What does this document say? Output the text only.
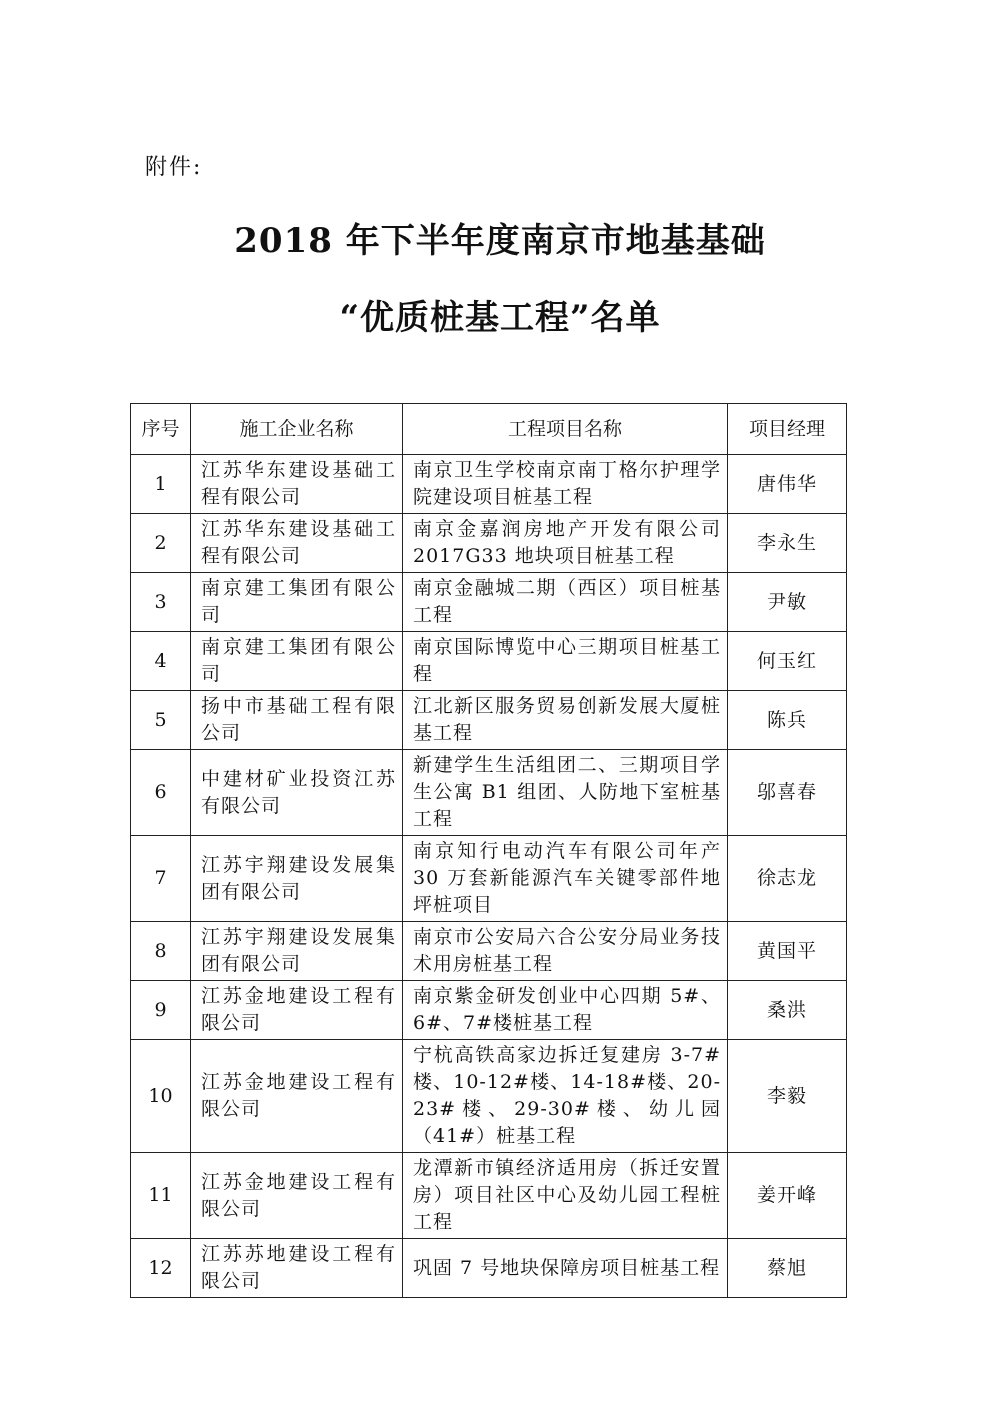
附件:
2018 年下半年度南京市地基基础
“优质桩基工程”名单
序号	施工企业名称	工程项目名称	项目经理
1	江苏华东建设基础工程有限公司	南京卫生学校南京南丁格尔护理学院建设项目桩基工程	唐伟华
2	江苏华东建设基础工程有限公司	南京金嘉润房地产开发有限公司2017G33 地块项目桩基工程	李永生
3	南京建工集团有限公司	南京金融城二期（西区）项目桩基工程	尹敏
4	南京建工集团有限公司	南京国际博览中心三期项目桩基工程	何玉红
5	扬中市基础工程有限公司	江北新区服务贸易创新发展大厦桩基工程	陈兵
6	中建材矿业投资江苏有限公司	新建学生生活组团二、三期项目学生公寓 B1 组团、人防地下室桩基工程	邬喜春
7	江苏宇翔建设发展集团有限公司	南京知行电动汽车有限公司年产 30 万套新能源汽车关键零部件地坪桩项目	徐志龙
8	江苏宇翔建设发展集团有限公司	南京市公安局六合公安分局业务技术用房桩基工程	黄国平
9	江苏金地建设工程有限公司	南京紫金研发创业中心四期 5#、6#、7#楼桩基工程	桑洪
10	江苏金地建设工程有限公司	宁杭高铁高家边拆迁复建房 3-7#楼、10-12#楼、14-18#楼、20-23#楼、29-30#楼、幼儿园（41#）桩基工程	李毅
11	江苏金地建设工程有限公司	龙潭新市镇经济适用房（拆迁安置房）项目社区中心及幼儿园工程桩工程	姜开峰
12	江苏苏地建设工程有限公司	巩固 7 号地块保障房项目桩基工程	蔡旭
